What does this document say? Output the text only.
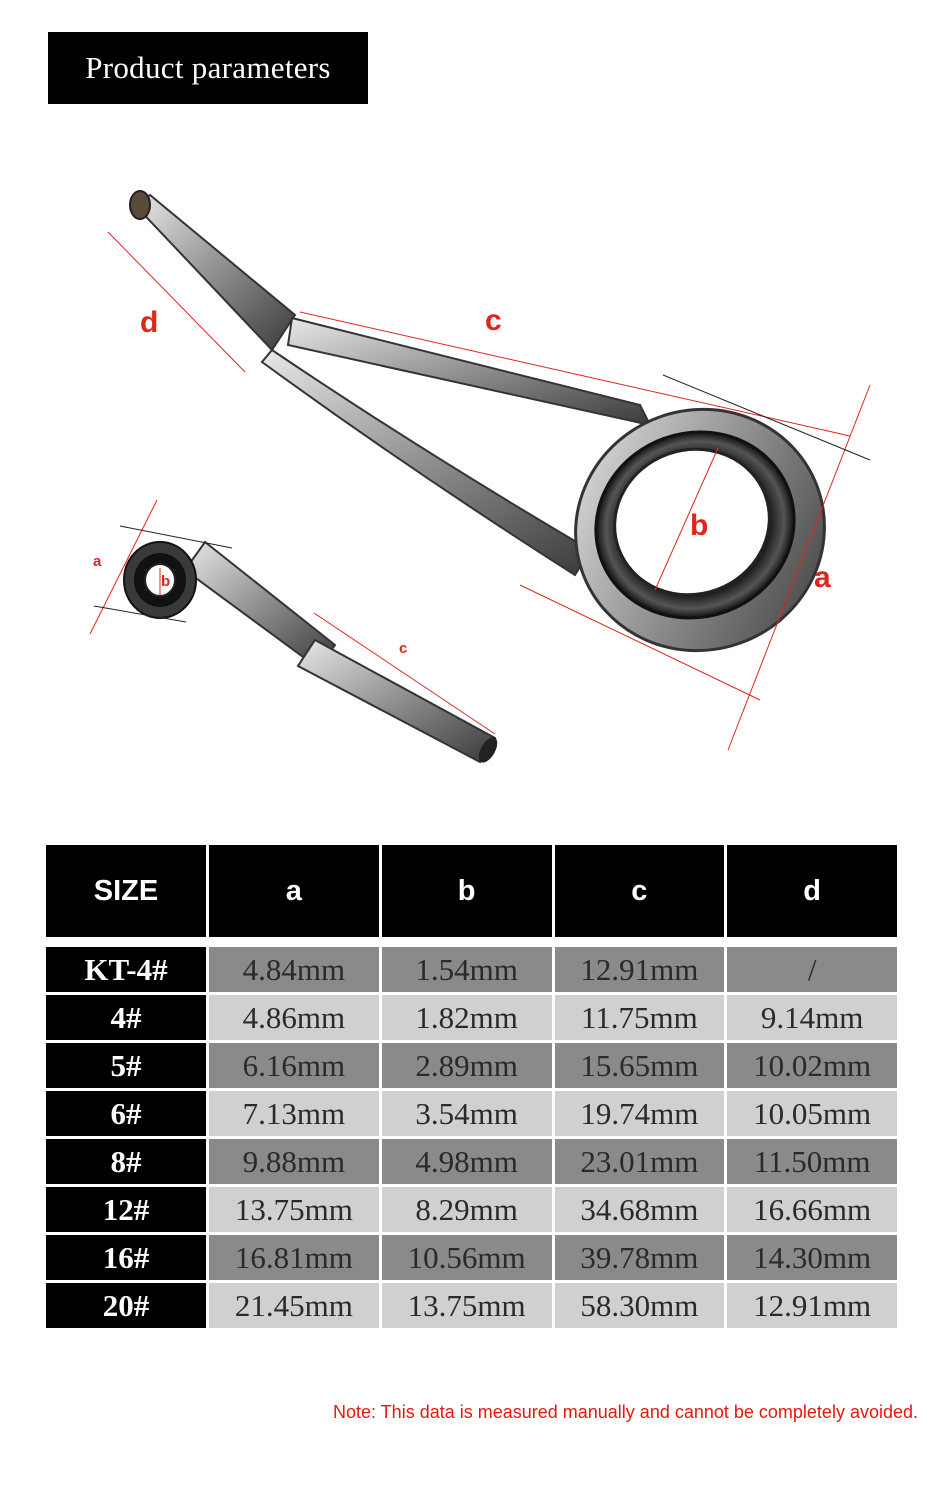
Product parameters
d	c
b
a
a
b
c
SIZE	a	b	c	d
KT-4#	4.84mm	1.54mm	12.91mm	/
4#	4.86mm	1.82mm	11.75mm	9.14mm
5#	6.16mm	2.89mm	15.65mm	10.02mm
6#	7.13mm	3.54mm	19.74mm	10.05mm
8#	9.88mm	4.98mm	23.01mm	11.50mm
12#	13.75mm	8.29mm	34.68mm	16.66mm
16#	16.81mm	10.56mm	39.78mm	14.30mm
20#	21.45mm	13.75mm	58.30mm	12.91mm
Note: This data is measured manually and cannot be completely avoided.
